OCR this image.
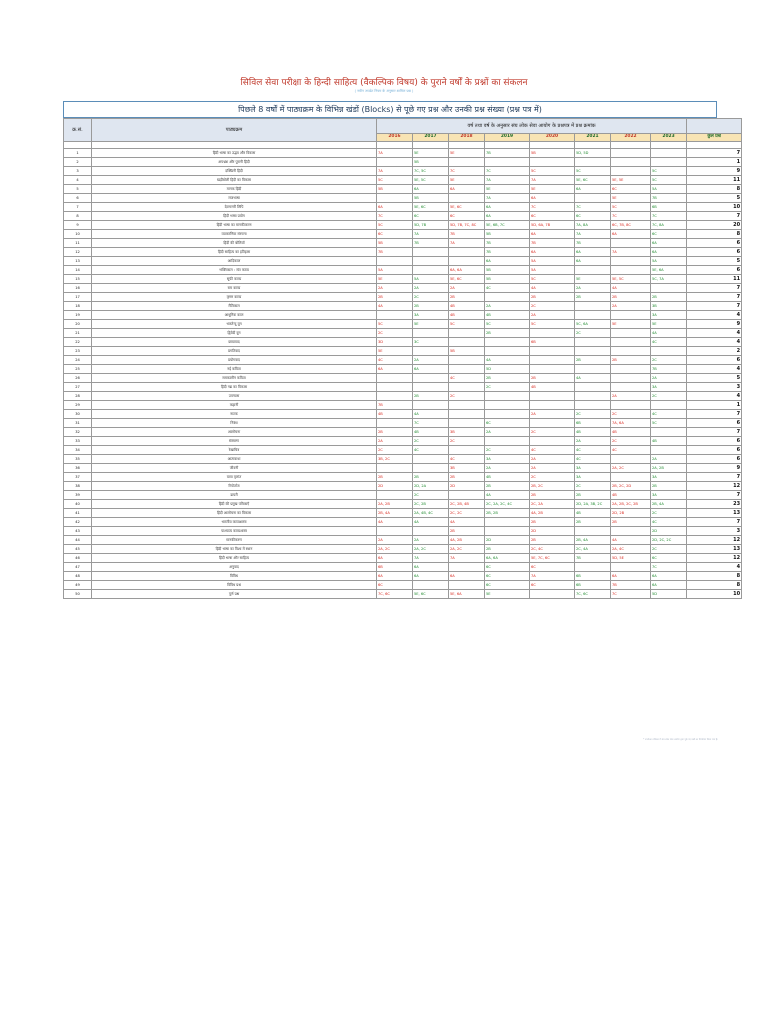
सिविल सेवा परीक्षा के हिन्दी साहित्य (वैकल्पिक विषय) के पुराने वर्षों के प्रश्नों का संकलन
( नवीन अपडेट नियम के अनुसार शामिल प्रश्न )
पिछले 8 वर्षों में पाठ्यक्रम के विभिन्न खंडों (Blocks) से पूछे गए प्रश्न और उनकी प्रश्न संख्या (प्रश्न पत्र में)
क्र.सं.	पाठ्यक्रम	वर्ष तथा वर्ष के अनुसार संघ लोक सेवा आयोग के प्रश्नपत्र में प्रश्न क्रमांक								
		2016	2017	2018	2019	2020	2021	2022	2023	कुल प्रश्न

1	हिंदी भाषा का उद्भव और विकास	7A	5E	5E	7B	5B	5D, 5D			7
2	अपभ्रंश और पुरानी हिंदी		5B							1
3	दक्खिनी हिंदी	7A	7C, 5C	7C	7C	5C	5C		5C	9
4	खड़ीबोली हिंदी का विकास	5C	5E, 5C	5E	7A	7A	5E, 6C	5E, 5E	5C	11
5	मानक हिंदी	5B	6A	6A	5E	5E	6A	6C	5A	8
6	राजभाषा		5B		7A	6A		5E	7B	5
7	देवनागरी लिपि	6A	5E, 6C	5E, 6C	6A	7C	7C	5C	6B	10
8	हिंदी भाषा प्रयोग	7C	6C	6C	6A	6C	6C	7C	7C	7
9	हिंदी भाषा का मानकीकरण	5C	5D, 7B	5D, 7B, 7C, 8C	5E, 6B, 7C	5D, 6A, 7B	7A, 8A	6C, 7B, 8C	7C, 8A	20
10	व्याकरणिक संरचना	6C	7A	7B	5B	6A	7A	6A	6C	8
11	हिंदी की बोलियाँ	5B	7B	7A	7B	7B	7B		6A	6
12	हिंदी साहित्य का इतिहास	7B			7B	6A	6A	7A	6A	6
13	आदिकाल				6A	5A	6A		5A	5
14	भक्तिकाल : संत काव्य	5A		6A, 6A	5B	5A			5E, 6A	6
15	सूफी काव्य	5E	5A	5E, 6C	5B	5C	5E	5E, 5C	5C, 7A	11
16	राम काव्य	2A	2A	2A	4C	4A	2A	4A		7
17	कृष्ण काव्य	2B	2C	2B		2B	2B	2B	2B	7
18	रीतिकाल	4A	2B	4B	2A	2C		2A	3B	7
19	आधुनिक काल		3A	4B	4B	2A			3A	4
20	भारतेन्दु युग	5C	5E	5C	5C	5C	5C, 6A	5E	5E	9
21	द्विवेदी युग	2C			2B		2C		4A	4
22	छायावाद	3D	3C			6B			4C	4
23	प्रगतिवाद	5E		5B						2
24	प्रयोगवाद	4C	2A		4A		2B	2B	2C	6
25	नई कविता	6A	6A		5D				7B	4
26	समकालीन कविता			4C	2B	2B	4A		2A	5
27	हिंदी गद्य का विकास				2C	4B			3A	3
28	उपन्यास		2B	2C				2A	2C	4
29	कहानी	7B								1
30	नाटक	4B	4A			2A	2C	2C	4C	7
31	निबंध		7C		6C		6B	7A, 6A	5C	6
32	आलोचना	2B	4B	3B	2A	2C	4B	4B		7
33	संस्मरण	2A	2C	2C			2A	2C	4B	6
34	रेखाचित्र	2C	4C		2C	4C	4C	4C		6
35	आत्मकथा	3B, 2C		4C	3A	2A	4C		2A	6
36	जीवनी			3B	2A	2A	3A	2A, 2C	2A, 2B	9
37	यात्रा वृत्तांत	2B	2B	2B	4B	2C	3A		3A	7
38	रिपोर्ताज	2D	2D, 2A	2D	2B	2B, 2C	2C	2B, 2C, 2D	2B	12
39	डायरी		2C		4A	2B	2B	4B	3A	7
40	हिंदी की प्रमुख पत्रिकाएँ	2A, 2B	2C, 2B	2C, 2B, 4B	2C, 2A, 2C, 4C	2C, 2A	2D, 2A, 3B, 2C	2A, 2B, 2C, 2B	2B, 4A	23
41	हिंदी आलोचना का विकास	2B, 4A	2A, 4B, 4C	2C, 2C	2B, 2B	4A, 2B	4B	2D, 2B	2C	13
42	भारतीय काव्यशास्त्र	4A	4A	4A		2B	2B	2B	4C	7
43	पाश्चात्य काव्यशास्त्र			2B		2D			2D	3
44	मानकीकरण	2A	2A	4A, 2B	2D	2B	2B, 4A	4A	2D, 2C, 2C	12
45	हिंदी भाषा का विश्व में स्थान	2A, 2C	2A, 2C	2A, 2C	2B	2C, 4C	2C, 4A	2A, 4C	2C	13
46	हिंदी भाषा और साहित्य	6A	7A	7A	6A, 6A	5E, 7C, 6C	7B	5D, 5E	6C	12
47	अनुवाद	6B	6A		6C	6C			7C	4
48	विविध	6A	6A	6A	6C	7A	6B	6A	6A	8
49	विविध प्रश्न	6C			6C	6C	6B	7B	6A	8
50	पूर्ण प्रश्न	7C, 6C	5E, 6C	5E, 6A	5E		7C, 6C	7C	5D	10
* उपरोक्त तालिका में संघ लोक सेवा आयोग द्वारा पूछे गए प्रश्नों का विश्लेषण किया गया है।
